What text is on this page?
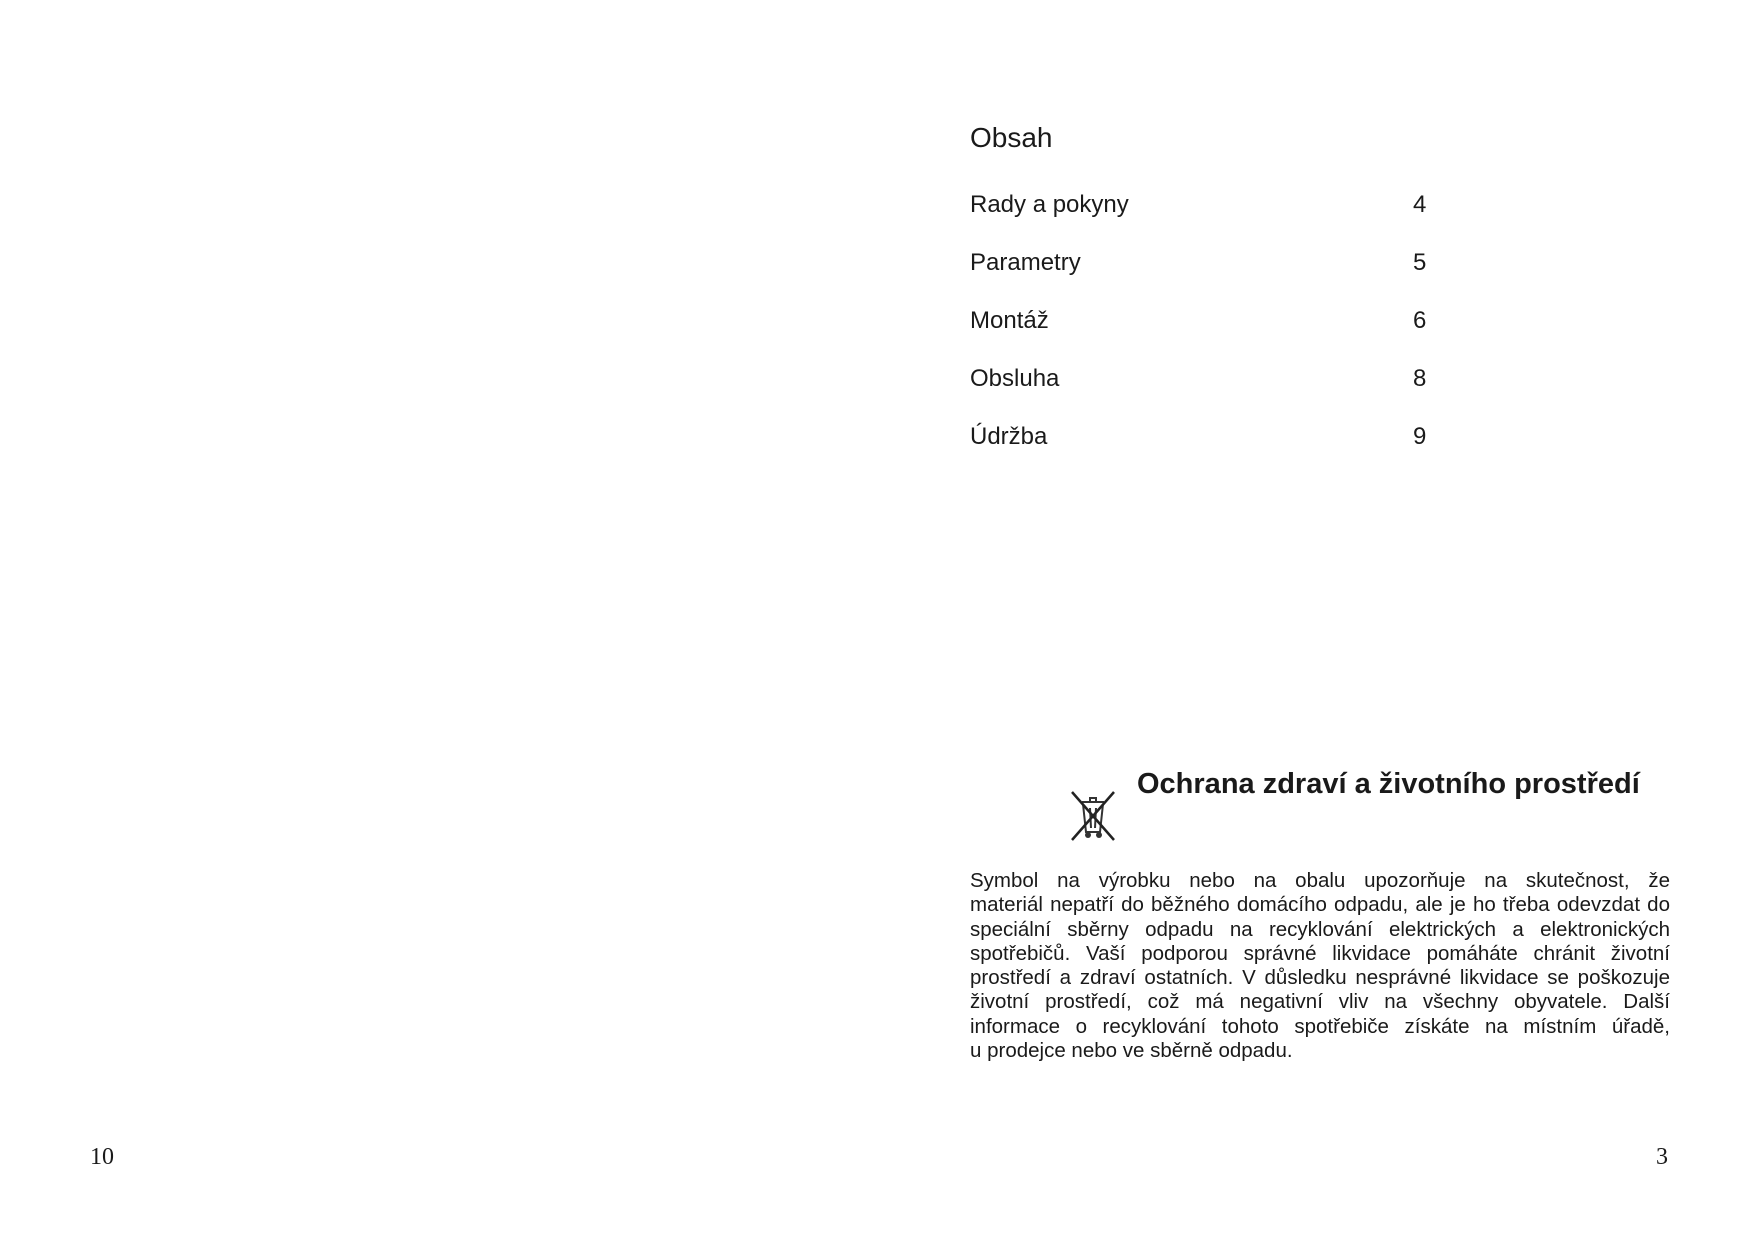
Obsah
Rady a pokyny	4
Parametry	5
Montáž	6
Obsluha	8
Údržba	9
Ochrana zdraví a životního prostředí
Symbol na výrobku nebo na obalu upozorňuje na skutečnost, že
materiál nepatří do běžného domácího odpadu, ale je ho třeba odevzdat do
speciální sběrny odpadu na recyklování elektrických a elektronických
spotřebičů. Vaší podporou správné likvidace pomáháte chránit životní
prostředí a zdraví ostatních. V důsledku nesprávné likvidace se poškozuje
životní prostředí, což má negativní vliv na všechny obyvatele. Další
informace o recyklování tohoto spotřebiče získáte na místním úřadě,
u prodejce nebo ve sběrně odpadu.
10	3
